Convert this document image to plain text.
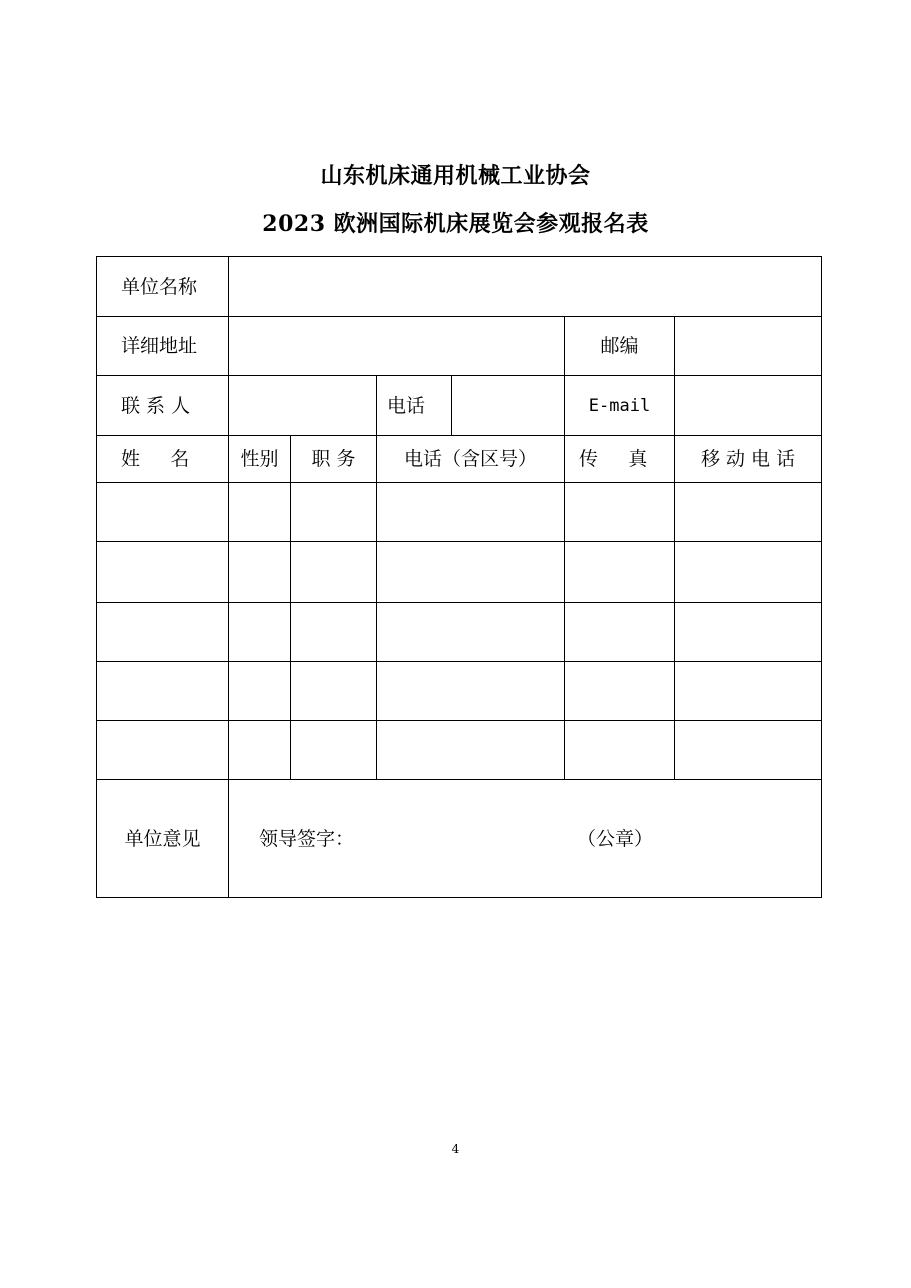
山东机床通用机械工业协会
2023 欧洲国际机床展览会参观报名表
单位名称						
详细地址					邮编	
联 系 人			电话		E-mail	
姓     名	性别	职 务	电话（含区号）		传     真	移 动 电 话

单位意见	领导签字： （公章）					
4
